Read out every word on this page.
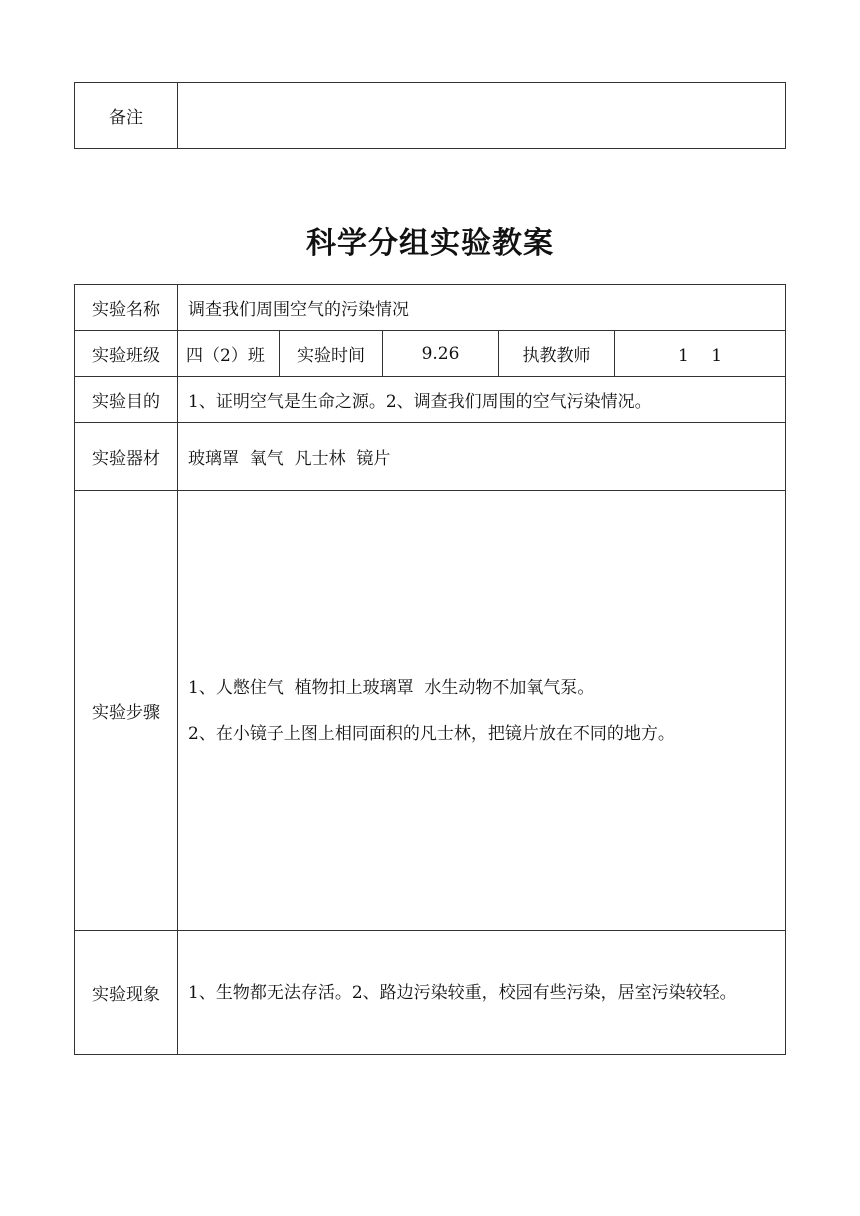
备注	
科学分组实验教案
实验名称	调查我们周围空气的污染情况				
实验班级	四（2）班	实验时间	9.26	执教教师	1　 1
实验目的	1、证明空气是生命之源。2、调查我们周围的空气污染情况。				
实验器材	玻璃罩  氧气  凡士林  镜片				
实验步骤	1、人憋住气  植物扣上玻璃罩  水生动物不加氧气泵。
2、在小镜子上图上相同面积的凡士林，把镜片放在不同的地方。				

实验现象	1、生物都无法存活。2、路边污染较重，校园有些污染，居室污染较轻。				
